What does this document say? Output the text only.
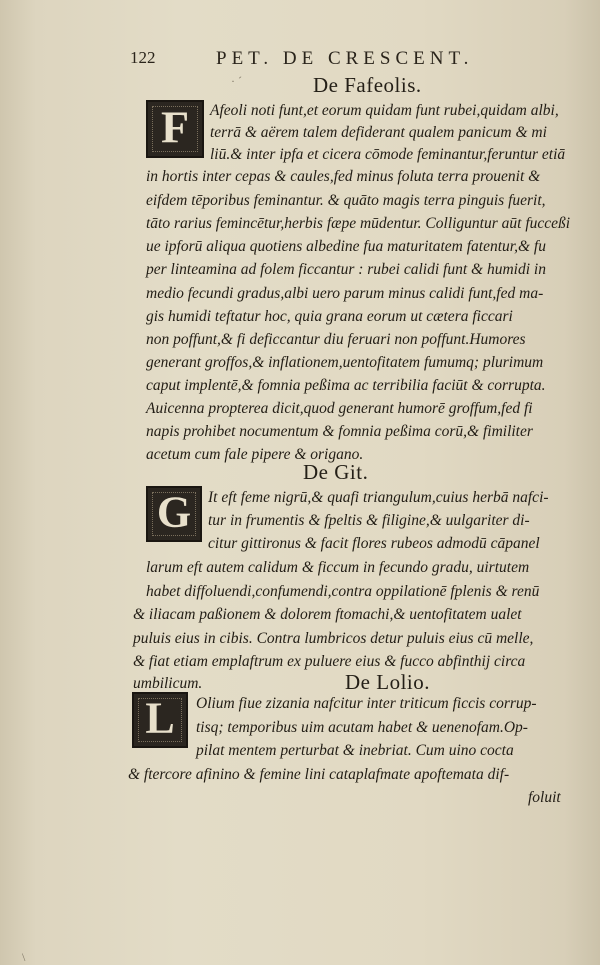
122	PET. DE CRESCENT.
· ´	De Fafeolis.
F	Afeoli noti funt,et eorum quidam funt rubei,quidam albi,
terrā & aërem talem defiderant qualem panicum & mi
liū.& inter ipfa et cicera cōmode feminantur,feruntur etiā
in hortis inter cepas & caules,fed minus foluta terra prouenit &
eifdem tēporibus feminantur. & quāto magis terra pinguis fuerit,
tāto rarius femincētur,herbis fæpe mūdentur. Colliguntur aūt fucceßi
ue ipforū aliqua quotiens albedine fua maturitatem fatentur,& fu
per linteamina ad folem ficcantur : rubei calidi funt & humidi in
medio fecundi gradus,albi uero parum minus calidi funt,fed ma-
gis humidi teftatur hoc, quia grana eorum ut cætera ficcari
non poffunt,& fi deficcantur diu feruari non poffunt.Humores
generant groffos,& inflationem,uentofitatem fumumq; plurimum
caput implentē,& fomnia peßima ac terribilia faciūt & corrupta.
Auicenna propterea dicit,quod generant humorē groffum,fed fi
napis prohibet nocumentum & fomnia peßima corū,& fimiliter
acetum cum fale pipere & origano.
De Git.
G	It eft feme nigrū,& quafi triangulum,cuius herbā nafci-
tur in frumentis & fpeltis & filigine,& uulgariter di-
citur gittironus & facit flores rubeos admodū cāpanel
larum eft autem calidum & ficcum in fecundo gradu, uirtutem
habet diffoluendi,confumendi,contra oppilationē fplenis & renū
& iliacam paßionem & dolorem ftomachi,& uentofitatem ualet
puluis eius in cibis. Contra lumbricos detur puluis eius cū melle,
& fiat etiam emplaftrum ex puluere eius & fucco abfinthij circa
umbilicum.	De Lolio.
L	Olium fiue zizania nafcitur inter triticum ficcis corrup-
tisq; temporibus uim acutam habet & uenenofam.Op-
pilat mentem perturbat & inebriat. Cum uino cocta
& ftercore afinino & femine lini cataplafmate apoftemata dif-
foluit
\
